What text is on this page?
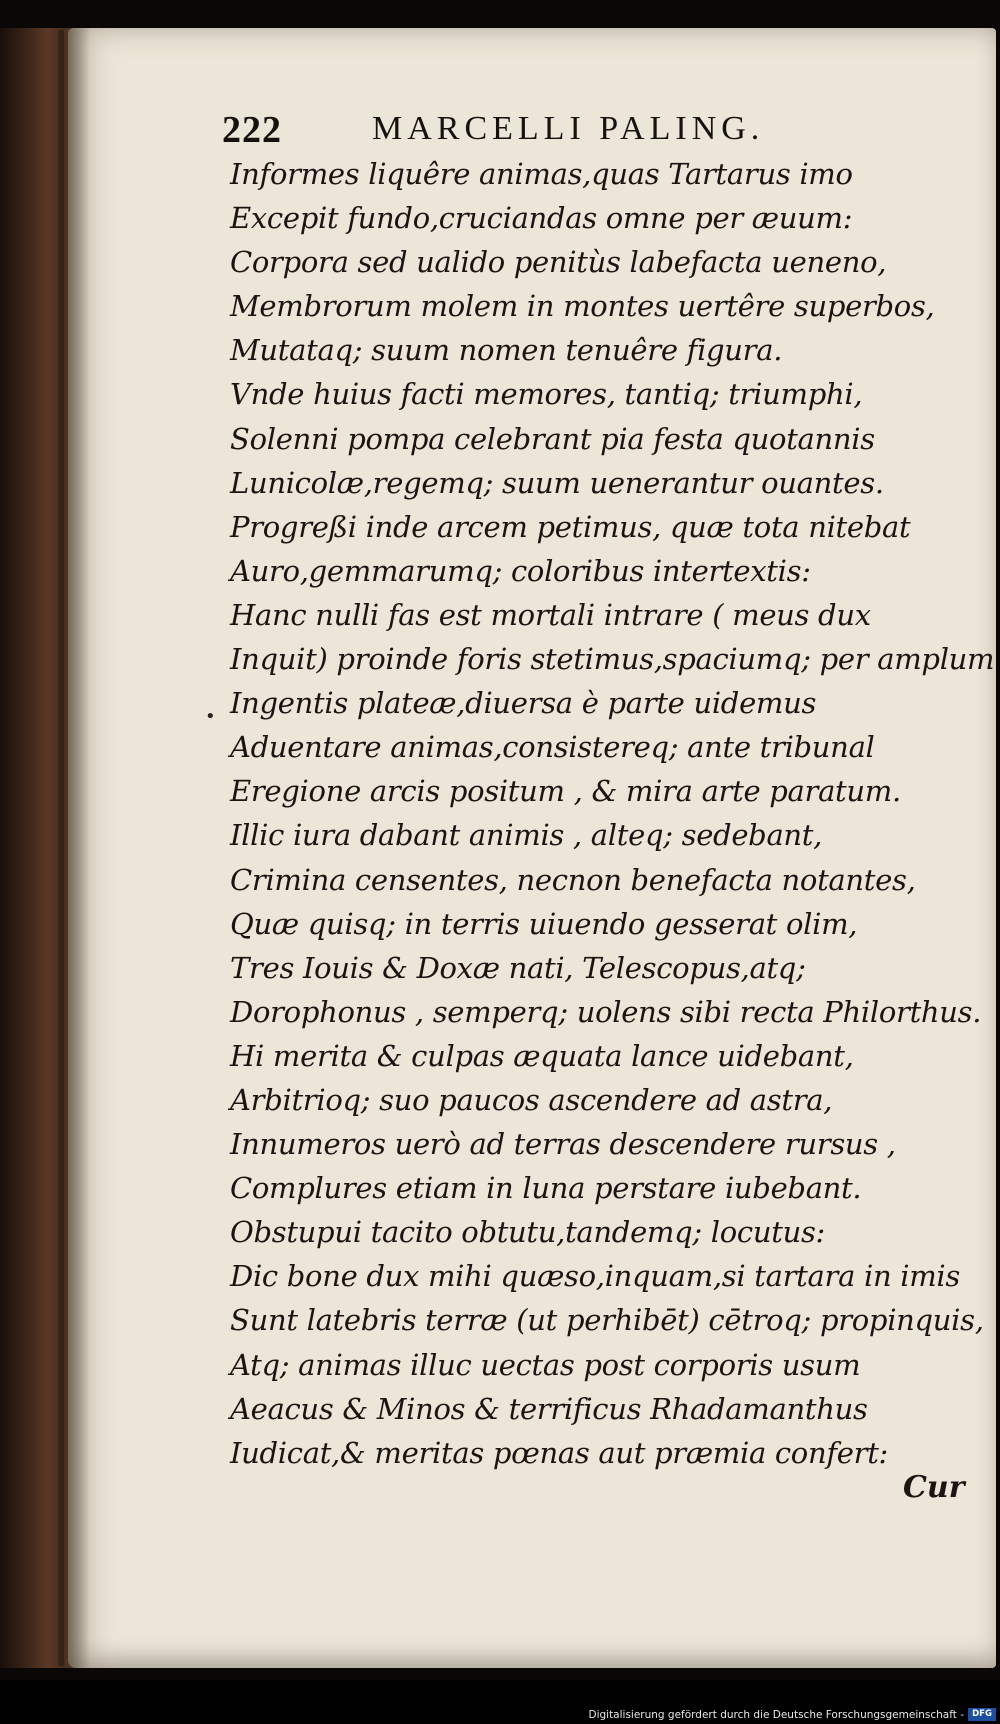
222	MARCELLI PALING.
•
Informes liquêre animas,quas Tartarus imo
Excepit fundo,cruciandas omne per æuum:
Corpora sed ualido penitùs labefacta ueneno,
Membrorum molem in montes uertêre superbos,
Mutataq; suum nomen tenuêre figura.
Vnde huius facti memores, tantiq; triumphi,
Solenni pompa celebrant pia festa quotannis
Lunicolæ,regemq; suum uenerantur ouantes.
Progreßi inde arcem petimus, quæ tota nitebat
Auro,gemmarumq; coloribus intertextis:
Hanc nulli fas est mortali intrare ( meus dux
Inquit) proinde foris stetimus,spaciumq; per amplum
Ingentis plateæ,diuersa è parte uidemus
Aduentare animas,consistereq; ante tribunal
Eregione arcis positum , & mira arte paratum.
Illic iura dabant animis , alteq; sedebant,
Crimina censentes, necnon benefacta notantes,
Quæ quisq; in terris uiuendo gesserat olim,
Tres Iouis & Doxæ nati, Telescopus,atq;
Dorophonus , semperq; uolens sibi recta Philorthus.
Hi merita & culpas æquata lance uidebant,
Arbitrioq; suo paucos ascendere ad astra,
Innumeros uerò ad terras descendere rursus ,
Complures etiam in luna perstare iubebant.
Obstupui tacito obtutu,tandemq; locutus:
Dic bone dux mihi quæso,inquam,si tartara in imis
Sunt latebris terræ (ut perhibēt) cētroq; propinquis,
Atq; animas illuc uectas post corporis usum
Aeacus & Minos & terrificus Rhadamanthus
Iudicat,& meritas pœnas aut præmia confert:
Cur
Digitalisierung gefördert durch die Deutsche Forschungsgemeinschaft - DFG
